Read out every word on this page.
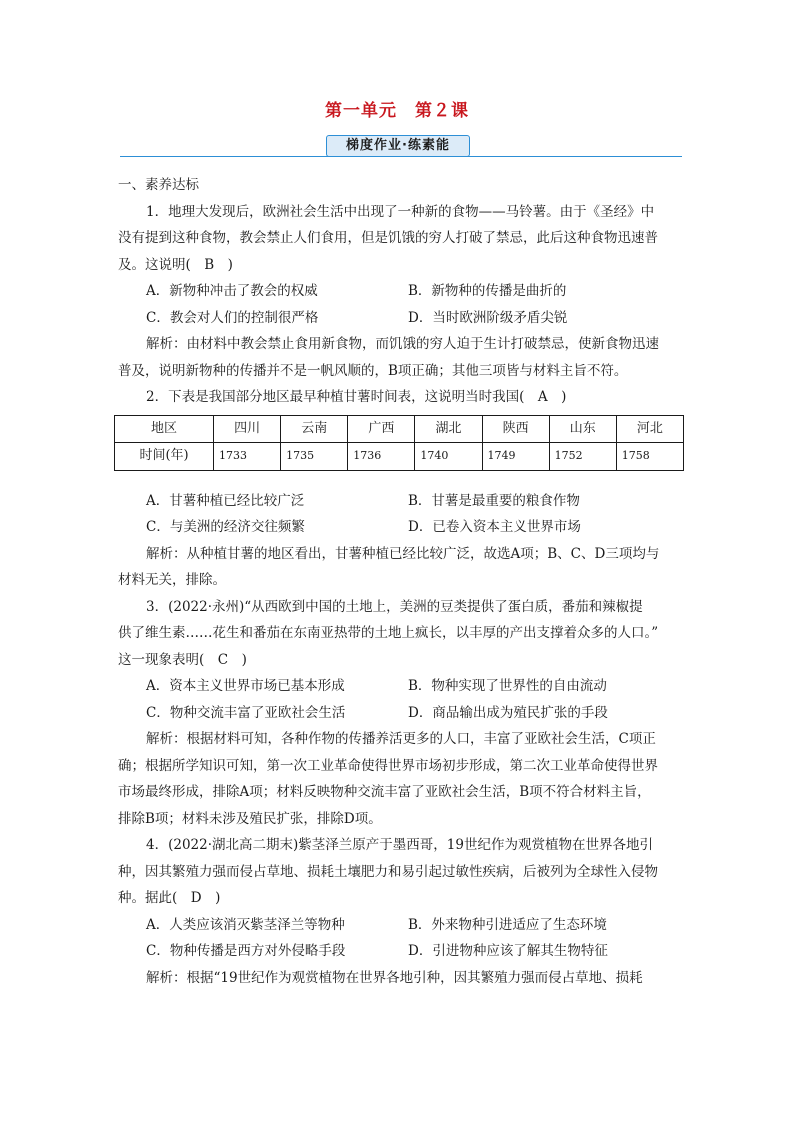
第一单元　第２课
梯度作业·练素能
一、素养达标
1．地理大发现后，欧洲社会生活中出现了一种新的食物——马铃薯。由于《圣经》中
没有提到这种食物，教会禁止人们食用，但是饥饿的穷人打破了禁忌，此后这种食物迅速普
及。这说明(　B　)
A．新物种冲击了教会的权威	B．新物种的传播是曲折的
C．教会对人们的控制很严格	D．当时欧洲阶级矛盾尖锐
解析：由材料中教会禁止食用新食物，而饥饿的穷人迫于生计打破禁忌，使新食物迅速
普及，说明新物种的传播并不是一帆风顺的，B项正确；其他三项皆与材料主旨不符。
2．下表是我国部分地区最早种植甘薯时间表，这说明当时我国(　A　)
地区	四川	云南	广西	湖北	陕西	山东	河北
时间(年)	1733	1735	1736	1740	1749	1752	1758
A．甘薯种植已经比较广泛	B．甘薯是最重要的粮食作物
C．与美洲的经济交往频繁	D．已卷入资本主义世界市场
解析：从种植甘薯的地区看出，甘薯种植已经比较广泛，故选A项；B、C、D三项均与
材料无关，排除。
3．(2022·永州)“从西欧到中国的土地上，美洲的豆类提供了蛋白质，番茄和辣椒提
供了维生素……花生和番茄在东南亚热带的土地上疯长，以丰厚的产出支撑着众多的人口。”
这一现象表明(　C　)
A．资本主义世界市场已基本形成	B．物种实现了世界性的自由流动
C．物种交流丰富了亚欧社会生活	D．商品输出成为殖民扩张的手段
解析：根据材料可知，各种作物的传播养活更多的人口，丰富了亚欧社会生活，C项正
确；根据所学知识可知，第一次工业革命使得世界市场初步形成，第二次工业革命使得世界
市场最终形成，排除A项；材料反映物种交流丰富了亚欧社会生活，B项不符合材料主旨，
排除B项；材料未涉及殖民扩张，排除D项。
4．(2022·湖北高二期末)紫茎泽兰原产于墨西哥，19世纪作为观赏植物在世界各地引
种，因其繁殖力强而侵占草地、损耗土壤肥力和易引起过敏性疾病，后被列为全球性入侵物
种。据此(　D　)
A．人类应该消灭紫茎泽兰等物种	B．外来物种引进适应了生态环境
C．物种传播是西方对外侵略手段	D．引进物种应该了解其生物特征
解析：根据“19世纪作为观赏植物在世界各地引种，因其繁殖力强而侵占草地、损耗
